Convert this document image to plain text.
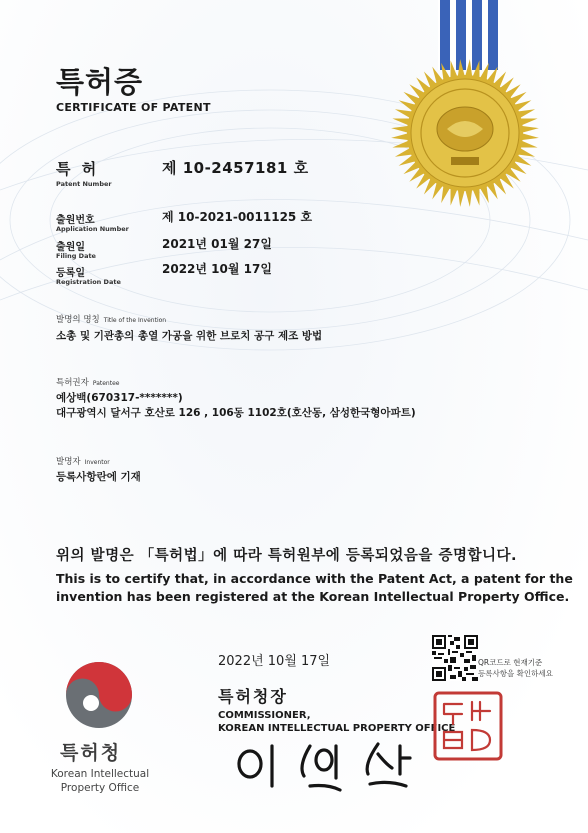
특허증
CERTIFICATE OF PATENT
특 허
Patent Number
제 10-2457181 호
출원번호
Application Number
제 10-2021-0011125 호
출원일
Filing Date
2021년 01월 27일
등록일
Registration Date
2022년 10월 17일
발명의 명칭 Title of the Invention
소총 및 기관총의 총열 가공을 위한 브로치 공구 제조 방법
특허권자 Patentee
예상백(670317-*******)
대구광역시 달서구 호산로 126 , 106동 1102호(호산동, 삼성한국형아파트)
발명자 Inventor
등록사항란에 기재
위의 발명은 「특허법」에 따라 특허원부에 등록되었음을 증명합니다.
This is to certify that, in accordance with the Patent Act, a patent for the
invention has been registered at the Korean Intellectual Property Office.
2022년 10월 17일	QR코드로 현재기준
등록사항을 확인하세요
특허청장
COMMISSIONER,
KOREAN INTELLECTUAL PROPERTY OFFICE
특허청
Korean Intellectual
Property Office
